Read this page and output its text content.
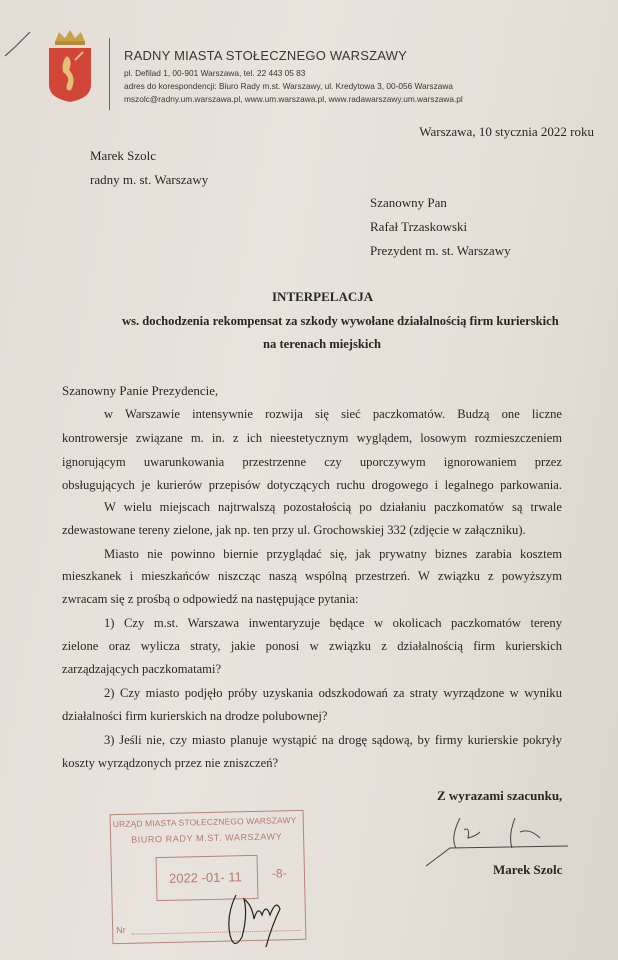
RADNY MIASTA STOŁECZNEGO WARSZAWY
pl. Defilad 1, 00-901 Warszawa, tel. 22 443 05 83
adres do korespondencji: Biuro Rady m.st. Warszawy, ul. Kredytowa 3, 00-056 Warszawa
mszolc@radny.um.warszawa.pl, www.um.warszawa.pl, www.radawarszawy.um.warszawa.pl
Warszawa, 10 stycznia 2022 roku
Marek Szolc
radny m. st. Warszawy
Szanowny Pan
Rafał Trzaskowski
Prezydent m. st. Warszawy
INTERPELACJA
ws. dochodzenia rekompensat za szkody wywołane działalnością firm kurierskich
na terenach miejskich
Szanowny Panie Prezydencie,
w Warszawie intensywnie rozwija się sieć paczkomatów. Budzą one liczne
kontrowersje związane m. in. z ich nieestetycznym wyglądem, losowym rozmieszczeniem
ignorującym uwarunkowania przestrzenne czy uporczywym ignorowaniem przez
obsługujących je kurierów przepisów dotyczących ruchu drogowego i legalnego parkowania.
W wielu miejscach najtrwalszą pozostałością po działaniu paczkomatów są trwale
zdewastowane tereny zielone, jak np. ten przy ul. Grochowskiej 332 (zdjęcie w załączniku).
Miasto nie powinno biernie przyglądać się, jak prywatny biznes zarabia kosztem
mieszkanek i mieszkańców niszcząc naszą wspólną przestrzeń. W związku z powyższym
zwracam się z prośbą o odpowiedź na następujące pytania:
1) Czy m.st. Warszawa inwentaryzuje będące w okolicach paczkomatów tereny
zielone oraz wylicza straty, jakie ponosi w związku z działalnością firm kurierskich
zarządzających paczkomatami?
2) Czy miasto podjęło próby uzyskania odszkodowań za straty wyrządzone w wyniku
działalności firm kurierskich na drodze polubownej?
3) Jeśli nie, czy miasto planuje wystąpić na drogę sądową, by firmy kurierskie pokryły
koszty wyrządzonych przez nie zniszczeń?
Z wyrazami szacunku,
Marek Szolc
URZĄD MIASTA STOŁECZNEGO WARSZAWY
BIURO RADY M.ST. WARSZAWY
2022 -01- 11 -8-
Nr
